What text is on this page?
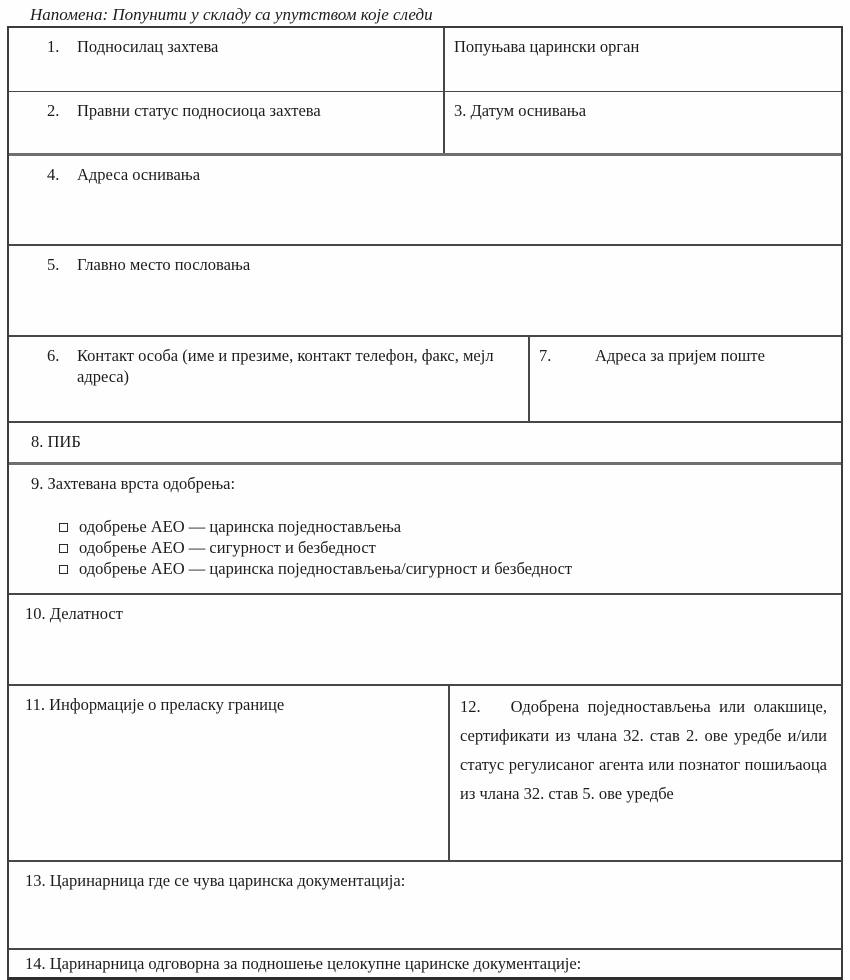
Напомена: Попунити у складу са упутством које следи
1.	Подносилац захтева	Попуњава царински орган
2.	Правни статус подносиоца захтева	3. Датум оснивања
4.	Адреса оснивања
5.	Главно место пословања
6.	Контакт особа (име и презиме, контакт телефон, факс, мејл адреса)
7.	Адреса за пријем поште
8. ПИБ
9. Захтевана врста одобрења:
одобрење АЕО — царинска поједностављења
одобрење АЕО — сигурност и безбедност
одобрење АЕО — царинска поједностављења/сигурност и безбедност
10. Делатност
11. Информације о преласку границе	12. Одобрена поједностављења или олакшице, сертификати из члана 32. став 2. ове уредбе и/или статус регулисаног агента или познатог пошиљаоца из члана 32. став 5. ове уредбе
13. Царинарница где се чува царинска документација:
14. Царинарница одговорна за подношење целокупне царинске документације:
